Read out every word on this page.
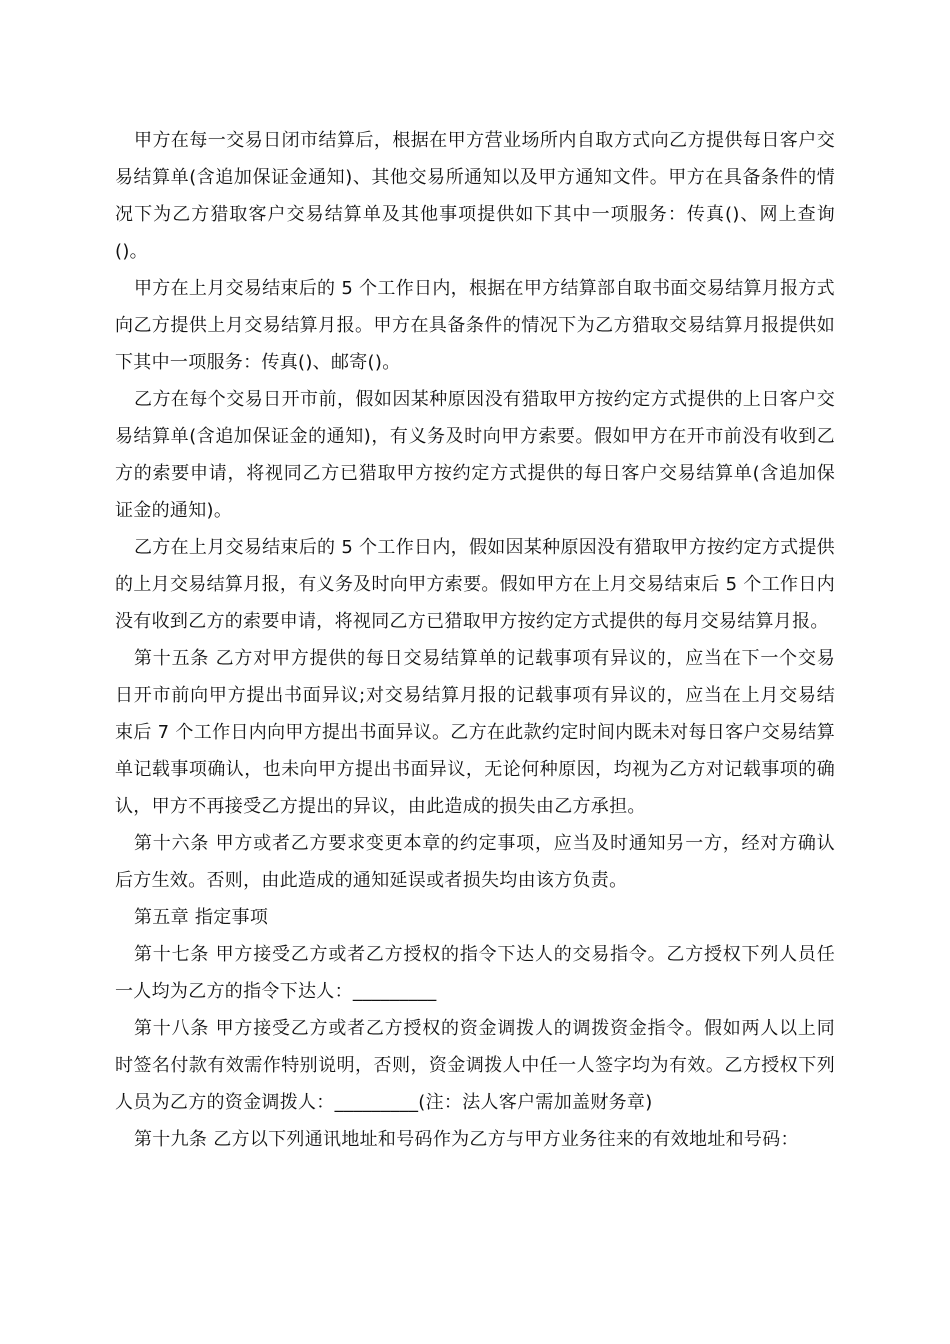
甲方在每一交易日闭市结算后，根据在甲方营业场所内自取方式向乙方提供每日客户交易结算单(含追加保证金通知)、其他交易所通知以及甲方通知文件。甲方在具备条件的情况下为乙方猎取客户交易结算单及其他事项提供如下其中一项服务：传真()、网上查询()。

甲方在上月交易结束后的 5 个工作日内，根据在甲方结算部自取书面交易结算月报方式向乙方提供上月交易结算月报。甲方在具备条件的情况下为乙方猎取交易结算月报提供如下其中一项服务：传真()、邮寄()。

乙方在每个交易日开市前，假如因某种原因没有猎取甲方按约定方式提供的上日客户交易结算单(含追加保证金的通知)，有义务及时向甲方索要。假如甲方在开市前没有收到乙方的索要申请，将视同乙方已猎取甲方按约定方式提供的每日客户交易结算单(含追加保证金的通知)。

乙方在上月交易结束后的 5 个工作日内，假如因某种原因没有猎取甲方按约定方式提供的上月交易结算月报，有义务及时向甲方索要。假如甲方在上月交易结束后 5 个工作日内没有收到乙方的索要申请，将视同乙方已猎取甲方按约定方式提供的每月交易结算月报。

第十五条 乙方对甲方提供的每日交易结算单的记载事项有异议的，应当在下一个交易日开市前向甲方提出书面异议;对交易结算月报的记载事项有异议的，应当在上月交易结束后 7 个工作日内向甲方提出书面异议。乙方在此款约定时间内既未对每日客户交易结算单记载事项确认，也未向甲方提出书面异议，无论何种原因，均视为乙方对记载事项的确认，甲方不再接受乙方提出的异议，由此造成的损失由乙方承担。

第十六条 甲方或者乙方要求变更本章的约定事项，应当及时通知另一方，经对方确认后方生效。否则，由此造成的通知延误或者损失均由该方负责。

第五章 指定事项

第十七条 甲方接受乙方或者乙方授权的指令下达人的交易指令。乙方授权下列人员任一人均为乙方的指令下达人：_________

第十八条 甲方接受乙方或者乙方授权的资金调拨人的调拨资金指令。假如两人以上同时签名付款有效需作特别说明，否则，资金调拨人中任一人签字均为有效。乙方授权下列人员为乙方的资金调拨人：_________(注：法人客户需加盖财务章)

第十九条 乙方以下列通讯地址和号码作为乙方与甲方业务往来的有效地址和号码：
